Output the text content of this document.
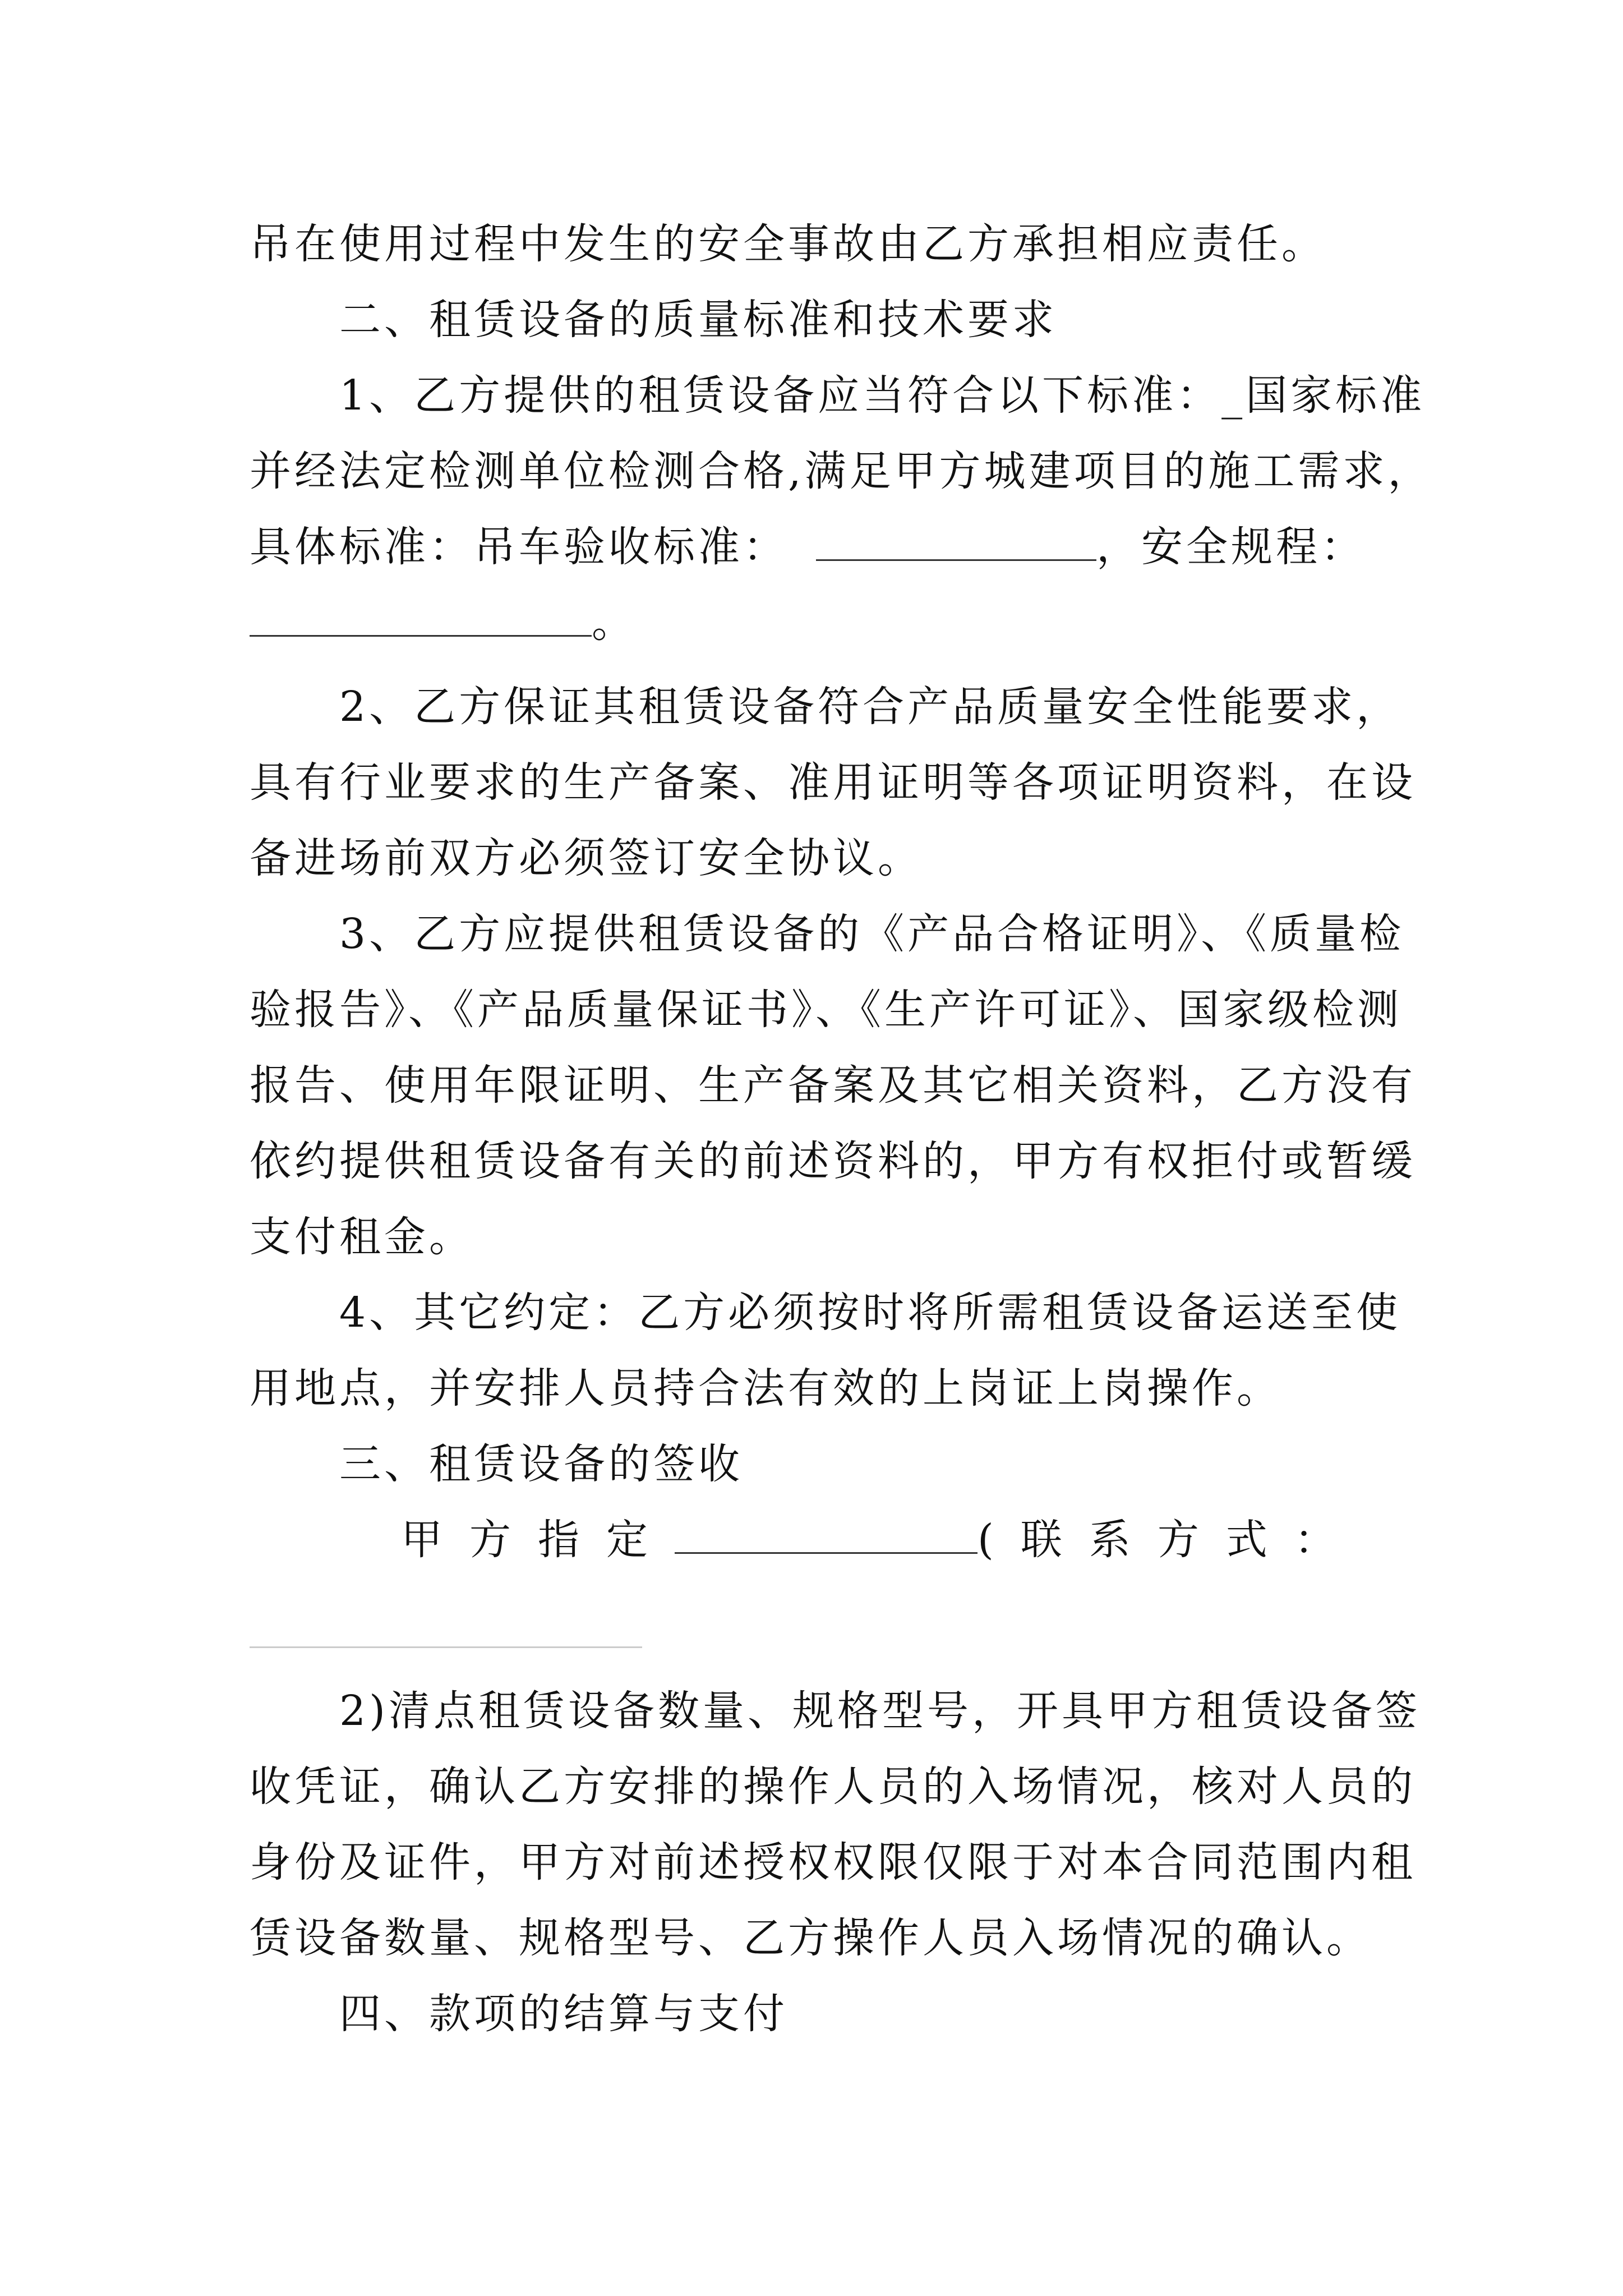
吊在使用过程中发生的安全事故由乙方承担相应责任。
二、租赁设备的质量标准和技术要求
1、乙方提供的租赁设备应当符合以下标准：_国家标准
并经法定检测单位检测合格,满足甲方城建项目的施工需求，
具体标准：吊车验收标准：	，安全规程：
。
2、乙方保证其租赁设备符合产品质量安全性能要求，
具有行业要求的生产备案、准用证明等各项证明资料，在设
备进场前双方必须签订安全协议。
3、乙方应提供租赁设备的《产品合格证明》、《质量检
验报告》、《产品质量保证书》、《生产许可证》、国家级检测
报告、使用年限证明、生产备案及其它相关资料，乙方没有
依约提供租赁设备有关的前述资料的，甲方有权拒付或暂缓
支付租金。
4、其它约定：乙方必须按时将所需租赁设备运送至使
用地点，并安排人员持合法有效的上岗证上岗操作。
三、租赁设备的签收
甲方指定	(联系方式：
2)清点租赁设备数量、规格型号，开具甲方租赁设备签
收凭证，确认乙方安排的操作人员的入场情况，核对人员的
身份及证件，甲方对前述授权权限仅限于对本合同范围内租
赁设备数量、规格型号、乙方操作人员入场情况的确认。
四、款项的结算与支付
